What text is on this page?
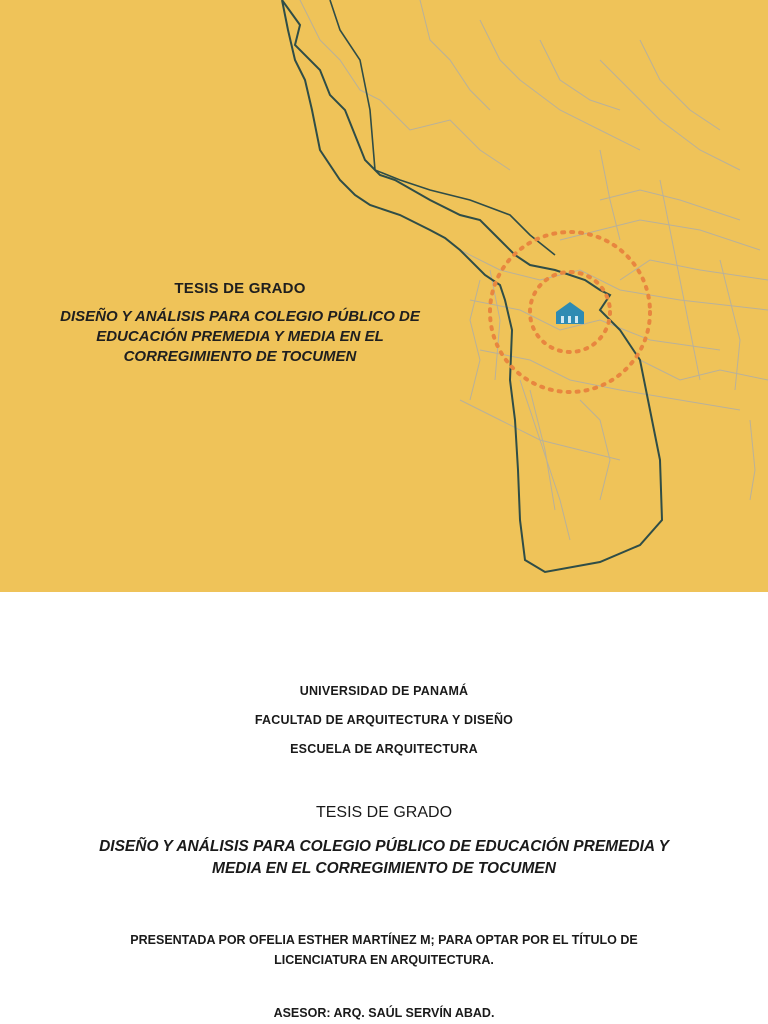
TESIS DE GRADO

DISEÑO Y ANÁLISIS PARA COLEGIO PÚBLICO DE EDUCACIÓN PREMEDIA Y MEDIA EN EL CORREGIMIENTO DE TOCUMEN

UNIVERSIDAD DE PANAMÁ
FACULTAD DE ARQUITECTURA Y DISEÑO
ESCUELA DE ARQUITECTURA

TESIS DE GRADO

DISEÑO Y ANÁLISIS PARA COLEGIO PÚBLICO DE EDUCACIÓN PREMEDIA Y MEDIA EN EL CORREGIMIENTO DE TOCUMEN

PRESENTADA POR OFELIA ESTHER MARTÍNEZ M; PARA OPTAR POR EL TÍTULO DE LICENCIATURA EN ARQUITECTURA.

ASESOR: ARQ. SAÚL SERVÍN ABAD.
